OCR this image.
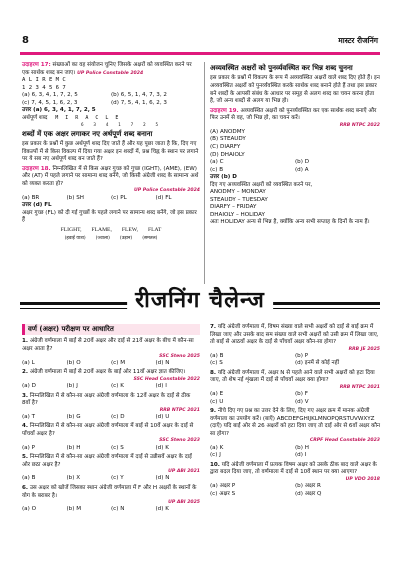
8	मास्टर रीजनिंग
उदाहरण 17: संख्याओं का वह संयोजन चुनिए जिसके अक्षरों को व्यवस्थित करने पर एक सार्थक शब्द बन जाए। UP Police Constable 2024
A L I R E M C
1 2 3 4 5 6 7
(a) 6, 3, 4, 1, 7, 2, 5	(b) 6, 5, 1, 4, 7, 3, 2
(c) 7, 4, 5, 1, 6, 2, 3	(d) 7, 5, 4, 1, 6, 2, 3
उत्तर (a) 6, 3, 4, 1, 7, 2, 5
अर्थपूर्ण शब्द M I R A C L E
6 3 4 1 7 2 5
शब्दों में एक अक्षर लगाकर नए अर्थपूर्ण शब्द बनाना
इस प्रकार के प्रश्नों में कुछ अर्थपूर्ण शब्द दिए जाते हैं और यह पूछा जाता है कि, दिए गए विकल्पों में से किस विकल्प में दिया गया अक्षर इन शब्दों में, प्रश्न चिह्न के स्थान पर लगाने पर ये सब नए अर्थपूर्ण शब्द बन जाते हैं?
उदाहरण 18. निम्नलिखित में से किस अक्षर गुच्छ को गुच्छ (IGHT), (AME), (EW) और (AT) में पहले लगाने पर सामान्य शब्द बनेंगे, जो किसी अंग्रेजी शब्द के सामान्य अर्थ को व्यक्त करता हो?
UP Police Constable 2024
(a) BR	(b) SH	(c) PL	(d) FL
उत्तर (d) FL
अक्षर गुच्छ (FL) को दी गई गुच्छों के पहले लगाने पर सामान्य शब्द बनेंगे, जो इस प्रकार हैं
FLIGHT, FLAME, FLEW, FLAT
(हवाई यात्रा) (ज्वाला) (उड़ान) (समतल)
अव्यवस्थित अक्षरों को पुनर्व्यवस्थित कर भिन्न शब्द चुनना
इस प्रकार के प्रश्नों में विकल्प के रूप में अव्यवस्थित अक्षरों वाले शब्द दिए होते हैं। इन अव्यवस्थित अक्षरों को पुनर्व्यवस्थित करके सार्थक शब्द बनाने होते हैं तथा इस प्रकार बने शब्दों के आपसी संबंध के आधार पर समूह से अलग शब्द का चयन करना होता है, जो अन्य शब्दों से अलग या भिन्न हो।
उदाहरण 19. अव्यवस्थित अक्षरों को पुनर्व्यवस्थित कर एक सार्थक शब्द बनाएँ और फिर उनमें से वह, जो भिन्न हो, का चयन करें।
RRB NTPC 2022
(A) ANODMY
(B) STEAUDY
(C) DIARFY
(D) DHAIOLY
(a) C	(b) D
(c) B	(d) A
उत्तर (b) D
दिए गए अव्यवस्थित अक्षरों को व्यवस्थित करने पर,
ANODMY – MONDAY
STEAUDY – TUESDAY
DIARFY – FRIDAY
DHAIOLY – HOLIDAY
अतः HOLIDAY अन्य से भिन्न है, क्योंकि अन्य सभी सप्ताह के दिनों के नाम हैं।
रीजनिंग चैलेन्ज
वर्ण (अक्षर) परीक्षण पर आधारित
1. अंग्रेजी वर्णमाला में बाईं से 20वें अक्षर और दाईं से 21वें अक्षर के बीच में कौन-सा अक्षर आता है?
SSC Steno 2025
(a) L	(b) O	(c) M	(d) N
2. अंग्रेजी वर्णमाला में बाईं से 20वें अक्षर के बाईं ओर 11वाँ अक्षर ज्ञात कीजिए।
SSC Head Constable 2022
(a) D	(b) J	(c) K	(d) I
3. निम्नलिखित में से कौन-सा अक्षर अंग्रेजी वर्णमाला के 12वें अक्षर के दाईं से ठीक 8वाँ है?
RRB NTPC 2021
(a) T	(b) G	(c) D	(d) U
4. निम्नलिखित में से कौन-सा अक्षर अंग्रेजी वर्णमाला में बाईं से 10वें अक्षर के दाईं से पाँचवाँ अक्षर है?
SSC Steno 2023
(a) P	(b) H	(c) S	(d) K
5. निम्नलिखित में से कौन-सा अक्षर अंग्रेजी वर्णमाला में दाईं से उन्नीसवें अक्षर के दाईं ओर छठा अक्षर है?
UP ABI 2021
(a) B	(b) X	(c) Y	(d) N
6. उस अक्षर को खोजें जिसका स्थान अंग्रेजी वर्णमाला में F और H अक्षरों के स्थानों के योग के बराबर है।
UP ABI 2025
(a) O	(b) M	(c) N	(d) K
7. यदि अंग्रेजी वर्णमाला में, विषम संख्या वाले सभी अक्षरों को दाईं से बाईं क्रम में लिखा जाए और उसके बाद सम संख्या वाले सभी अक्षरों को उसी क्रम में लिखा जाए, तो बाईं से आठवाँ अक्षर के दाईं से पाँचवाँ अक्षर कौन-सा होगा?
RRB JE 2025
(a) B	(b) P
(c) S	(d) इनमें से कोई नहीं
8. यदि अंग्रेजी वर्णमाला में, अक्षर N से पहले आने वाले सभी अक्षरों को हटा दिया जाए, तो शेष नई शृंखला में दाईं से पाँचवाँ अक्षर क्या होगा?
RRB NTPC 2021
(a) E	(b) F
(c) U	(d) V
9. नीचे दिए गए प्रश्न का उत्तर देने के लिए, दिए गए अक्षर क्रम में मानक अंग्रेजी वर्णमाला का उपयोग करें। (बाएँ) ABCDEFGHIJKLMNOPQRSTUVWXYZ (दाएँ) यदि बाईं ओर से 26 अक्षरों को हटा दिया जाए तो दाईं ओर से 6वाँ अक्षर कौन सा होगा?
CRPF Head Constable 2023
(a) K	(b) H
(c) J	(d) I
10. यदि अंग्रेजी वर्णमाला में प्रत्यक विषम अक्षर को उसके ठीक बाद वाले अक्षर के द्वारा बदल दिया जाए, तो वर्णमाला में दाईं से 10वें स्थान पर क्या आएगा?
UP VDO 2018
(a) अक्षर P	(b) अक्षर R
(c) अक्षर S	(d) अक्षर Q
